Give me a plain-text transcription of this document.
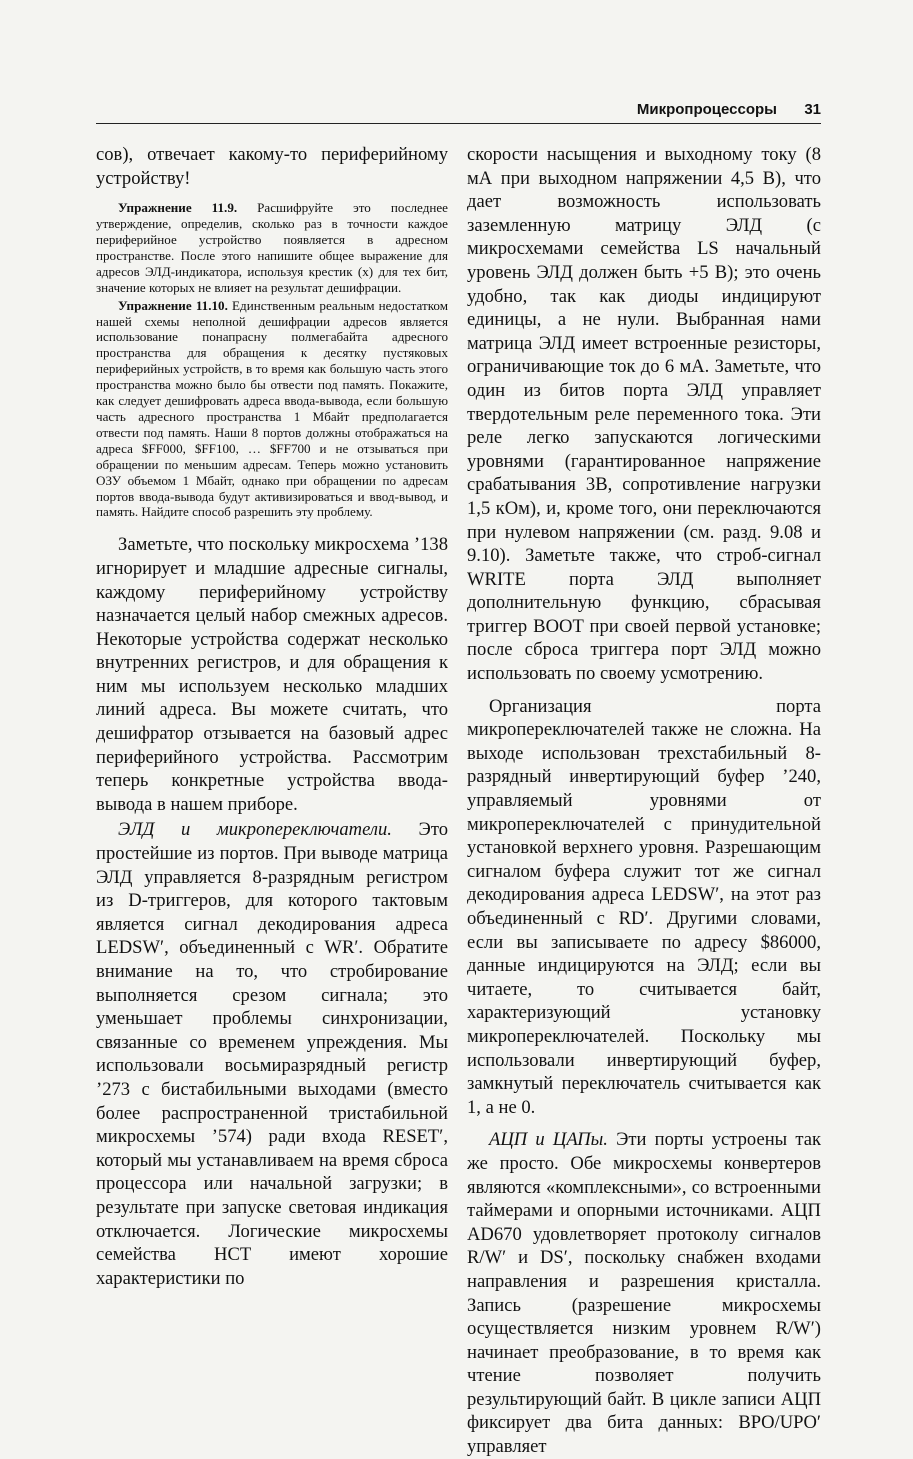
Микропроцессоры 31

сов), отвечает какому-то периферийному устройству!

Упражнение 11.9. Расшифруйте это последнее утверждение, определив, сколько раз в точности каждое периферийное устройство появляется в адресном пространстве. После этого напишите общее выражение для адресов ЭЛД-индикатора, используя крестик (x) для тех бит, значение которых не влияет на результат дешифрации.

Упражнение 11.10. Единственным реальным недостатком нашей схемы неполной дешифрации адресов является использование понапрасну полмегабайта адресного пространства для обращения к десятку пустяковых периферийных устройств, в то время как большую часть этого пространства можно было бы отвести под память. Покажите, как следует дешифровать адреса ввода-вывода, если большую часть адресного пространства 1 Мбайт предполагается отвести под память. Наши 8 портов должны отображаться на адреса $FF000, $FF100, … $FF700 и не отзываться при обращении по меньшим адресам. Теперь можно установить ОЗУ объемом 1 Мбайт, однако при обращении по адресам портов ввода-вывода будут активизироваться и ввод-вывод, и память. Найдите способ разрешить эту проблему.

Заметьте, что поскольку микросхема ’138 игнорирует и младшие адресные сигналы, каждому периферийному устройству назначается целый набор смежных адресов. Некоторые устройства содержат несколько внутренних регистров, и для обращения к ним мы используем несколько младших линий адреса. Вы можете считать, что дешифратор отзывается на базовый адрес периферийного устройства. Рассмотрим теперь конкретные устройства ввода-вывода в нашем приборе.

ЭЛД и микропереключатели. Это простейшие из портов. При выводе матрица ЭЛД управляется 8-разрядным регистром из D-триггеров, для которого тактовым является сигнал декодирования адреса LEDSW′, объединенный с WR′. Обратите внимание на то, что стробирование выполняется срезом сигнала; это уменьшает проблемы синхронизации, связанные со временем упреждения. Мы использовали восьмиразрядный регистр ’273 с бистабильными выходами (вместо более распространенной тристабильной микросхемы ’574) ради входа RESET′, который мы устанавливаем на время сброса процессора или начальной загрузки; в результате при запуске световая индикация отключается. Логические микросхемы семейства HCT имеют хорошие характеристики по

скорости насыщения и выходному току (8 мА при выходном напряжении 4,5 В), что дает возможность использовать заземленную матрицу ЭЛД (с микросхемами семейства LS начальный уровень ЭЛД должен быть +5 В); это очень удобно, так как диоды индицируют единицы, а не нули. Выбранная нами матрица ЭЛД имеет встроенные резисторы, ограничивающие ток до 6 мА. Заметьте, что один из битов порта ЭЛД управляет твердотельным реле переменного тока. Эти реле легко запускаются логическими уровнями (гарантированное напряжение срабатывания 3В, сопротивление нагрузки 1,5 кОм), и, кроме того, они переключаются при нулевом напряжении (см. разд. 9.08 и 9.10). Заметьте также, что строб-сигнал WRITE порта ЭЛД выполняет дополнительную функцию, сбрасывая триггер BOOT при своей первой установке; после сброса триггера порт ЭЛД можно использовать по своему усмотрению.

Организация порта микропереключателей также не сложна. На выходе использован трехстабильный 8-разрядный инвертирующий буфер ’240, управляемый уровнями от микропереключателей с принудительной установкой верхнего уровня. Разрешающим сигналом буфера служит тот же сигнал декодирования адреса LEDSW′, на этот раз объединенный с RD′. Другими словами, если вы записываете по адресу $86000, данные индицируются на ЭЛД; если вы читаете, то считывается байт, характеризующий установку микропереключателей. Поскольку мы использовали инвертирующий буфер, замкнутый переключатель считывается как 1, а не 0.

АЦП и ЦАПы. Эти порты устроены так же просто. Обе микросхемы конвертеров являются «комплексными», со встроенными таймерами и опорными источниками. АЦП AD670 удовлетворяет протоколу сигналов R/W′ и DS′, поскольку снабжен входами направления и разрешения кристалла. Запись (разрешение микросхемы осуществляется низким уровнем R/W′) начинает преобразование, в то время как чтение позволяет получить результирующий байт. В цикле записи АЦП фиксирует два бита данных: BPO/UPO′ управляет
